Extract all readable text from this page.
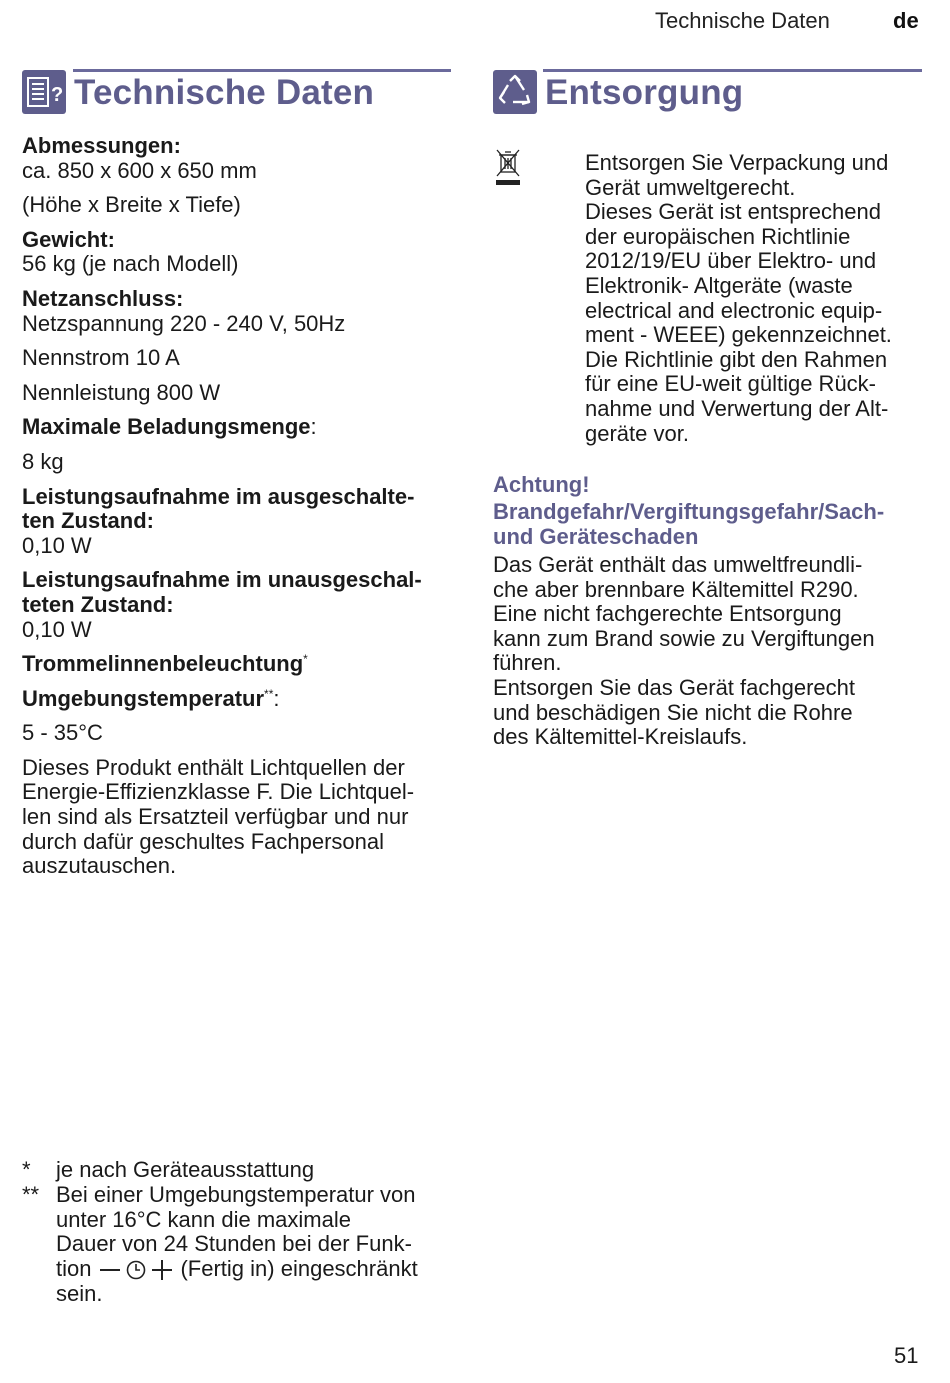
Technische Daten	de
? Technische Daten	Entsorgung

Abmessungen:

ca. 850 x 600 x 650 mm

(Höhe x Breite x Tiefe)

Gewicht:

56 kg (je nach Modell)

Netzanschluss:

Netzspannung 220 - 240 V, 50Hz

Nennstrom 10 A

Nennleistung 800 W

Maximale Beladungsmenge:

8 kg

Leistungsaufnahme im ausgeschalte-

ten Zustand:

0,10 W

Leistungsaufnahme im unausgeschal-

teten Zustand:

0,10 W

Trommelinnenbeleuchtung*

Umgebungstemperatur**:

5 - 35°C

Dieses Produkt enthält Lichtquellen der

Energie-Effizienzklasse F. Die Lichtquel-

len sind als Ersatzteil verfügbar und nur

durch dafür geschultes Fachpersonal

auszutauschen.

Entsorgen Sie Verpackung und

Gerät umweltgerecht.

Dieses Gerät ist entsprechend

der europäischen Richtlinie

2012/19/EU über Elektro- und

Elektronik- Altgeräte (waste

electrical and electronic equip-

ment - WEEE) gekennzeichnet.

Die Richtlinie gibt den Rahmen

für eine EU-weit gültige Rück-

nahme und Verwertung der Alt-

geräte vor.

Achtung!
Brandgefahr/Vergiftungsgefahr/Sach-
und Geräteschaden

Das Gerät enthält das umweltfreundli-

che aber brennbare Kältemittel R290.

Eine nicht fachgerechte Entsorgung

kann zum Brand sowie zu Vergiftungen

führen.

Entsorgen Sie das Gerät fachgerecht

und beschädigen Sie nicht die Rohre

des Kältemittel-Kreislaufs.

*	je nach Geräteausstattung
** Bei einer Umgebungstemperatur von
unter 16°C kann die maximale
Dauer von 24 Stunden bei der Funk-
tion	(Fertig in) eingeschränkt
sein.
51
